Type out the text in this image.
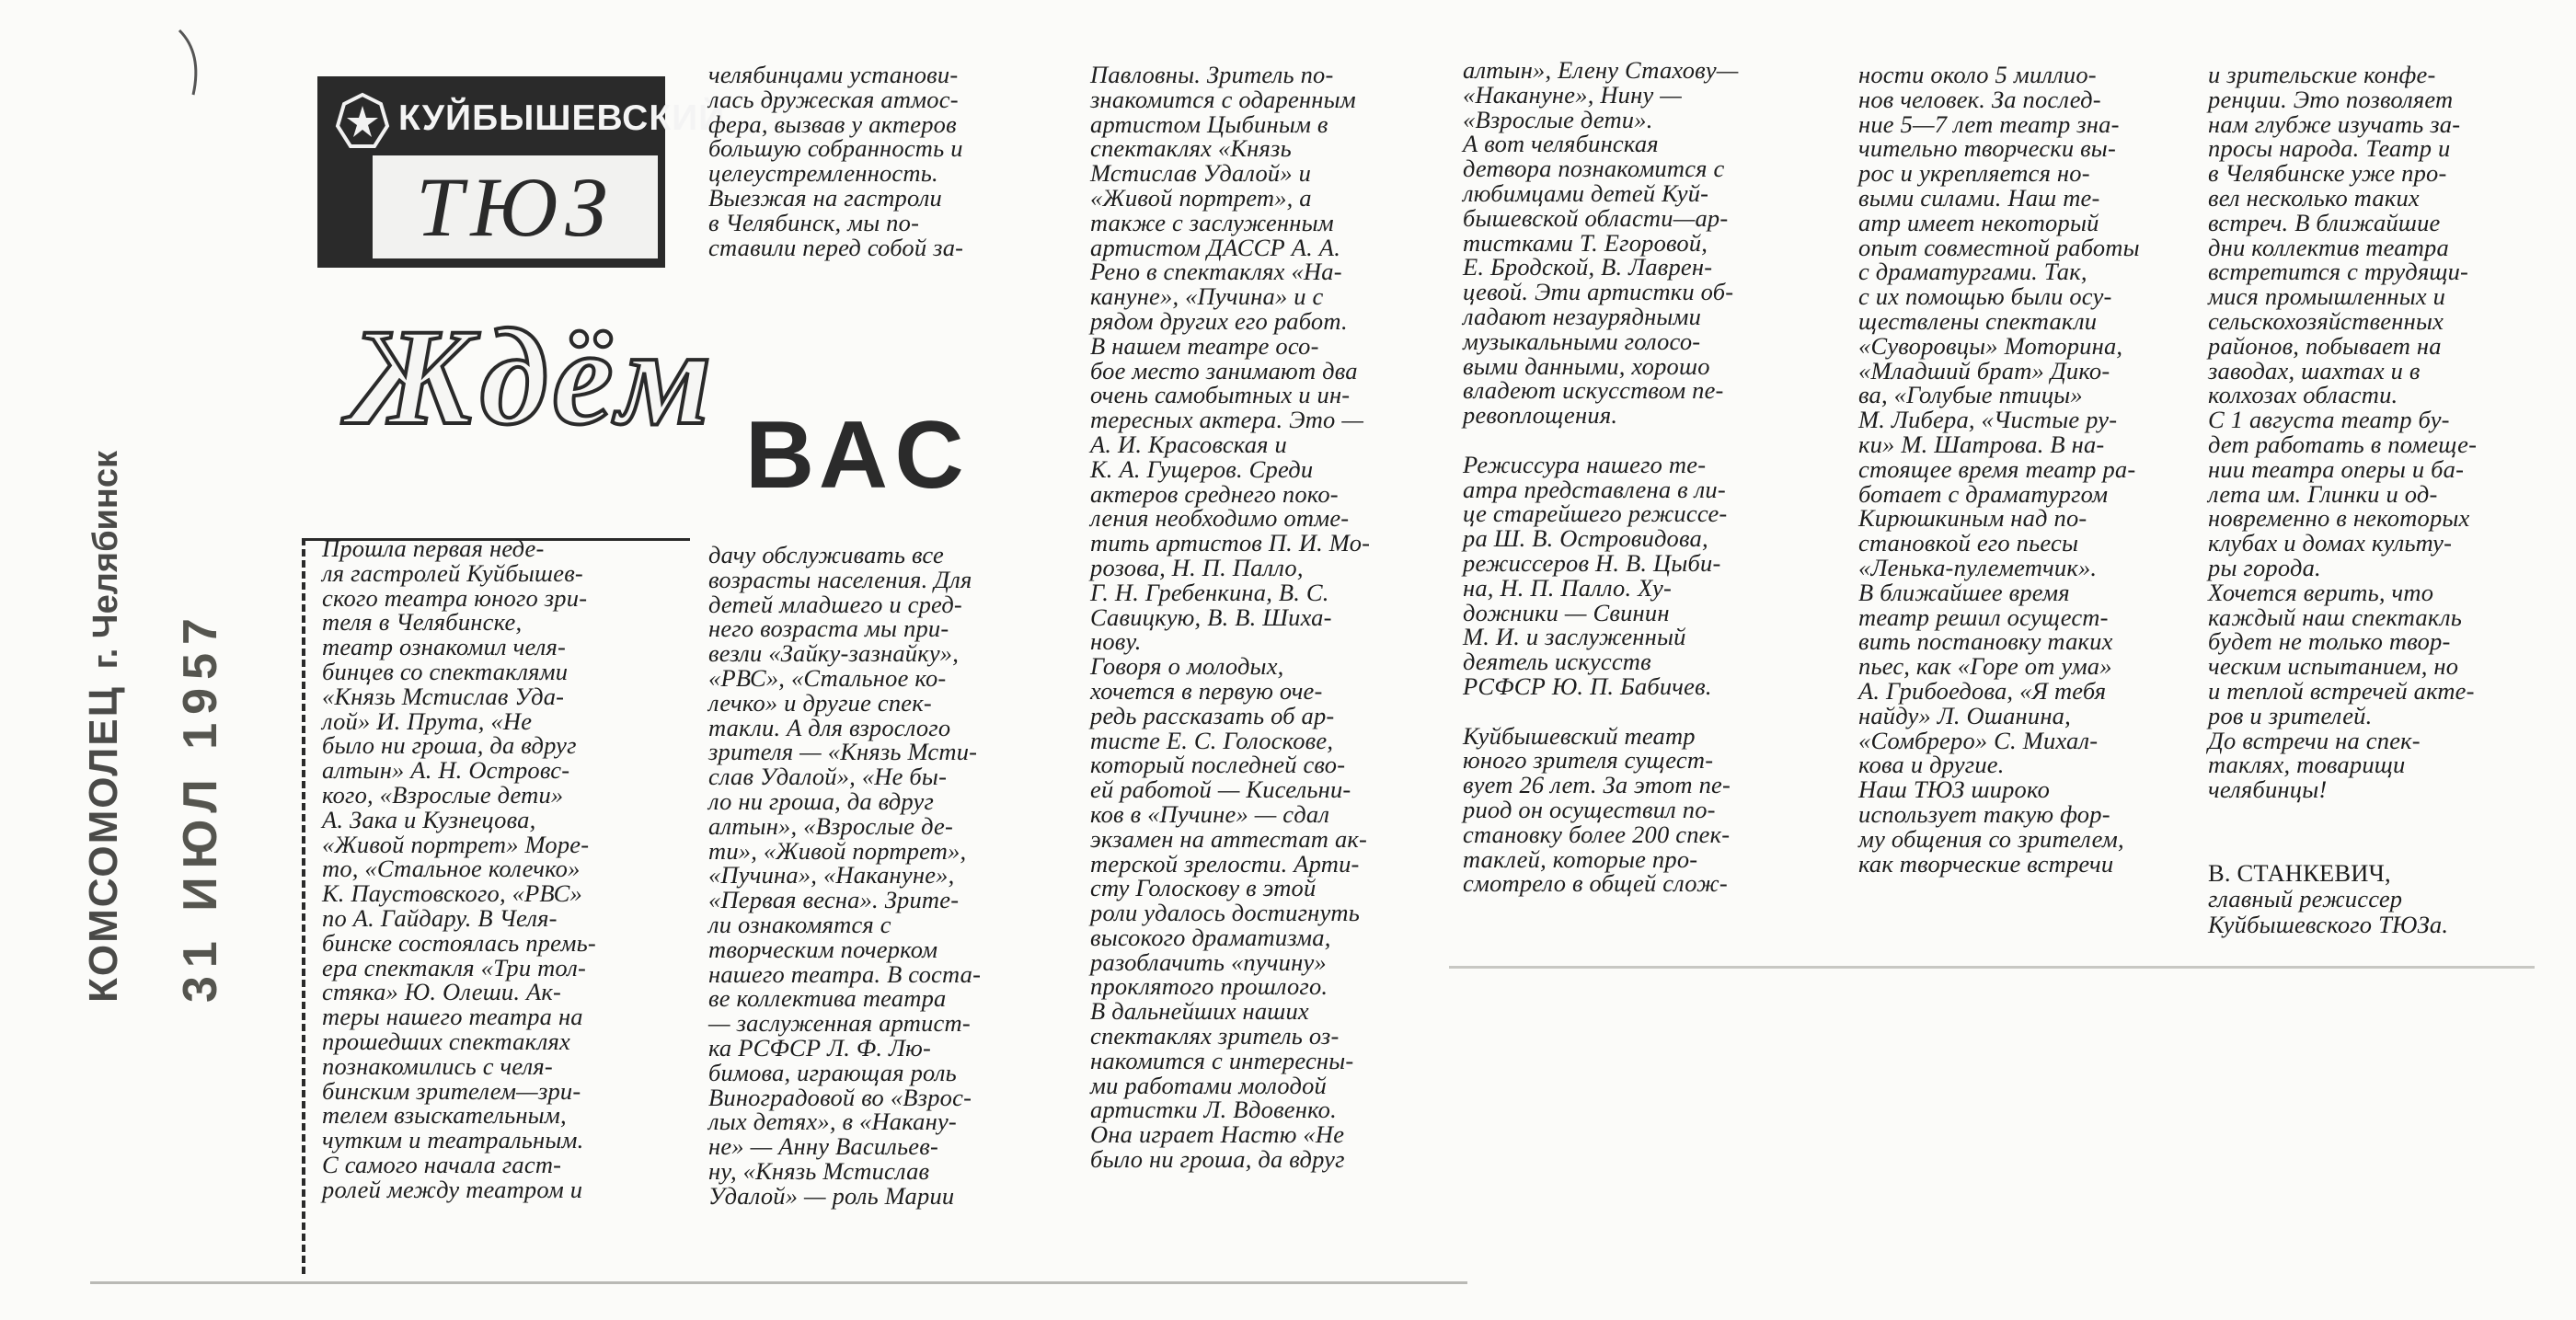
КОМСОМОЛЕЦг. Челябинск
31 ИЮЛ 1957
КУЙБЫШЕВСКИЙ
ТЮЗ
Ждём
ВАС
Прошла первая неде-
ля гастролей Куйбышев-
ского театра юного зри-
теля в Челябинске,
театр ознакомил челя-
бинцев со спектаклями
«Князь Мстислав Уда-
лой» И. Прута, «Не
было ни гроша, да вдруг
алтын» А. Н. Островс-
кого, «Взрослые дети»
А. Зака и Кузнецова,
«Живой портрет» Море-
то, «Стальное колечко»
К. Паустовского, «РВС»
по А. Гайдару. В Челя-
бинске состоялась премь-
ера спектакля «Три тол-
стяка» Ю. Олеши. Ак-
теры нашего театра на
прошедших спектаклях
познакомились с челя-
бинским зрителем—зри-
телем взыскательным,
чутким и театральным.
С самого начала гаст-
ролей между театром и
челябинцами установи-
лась дружеская атмос-
фера, вызвав у актеров
большую собранность и
целеустремленность.
Выезжая на гастроли
в Челябинск, мы по-
ставили перед собой за-
дачу обслуживать все
возрасты населения. Для
детей младшего и сред-
него возраста мы при-
везли «Зайку-зазнайку»,
«РВС», «Стальное ко-
лечко» и другие спек-
такли. А для взрослого
зрителя — «Князь Мсти-
слав Удалой», «Не бы-
ло ни гроша, да вдруг
алтын», «Взрослые де-
ти», «Живой портрет»,
«Пучина», «Накануне»,
«Первая весна». Зрите-
ли ознакомятся с
творческим почерком
нашего театра. В соста-
ве коллектива театра
— заслуженная артист-
ка РСФСР Л. Ф. Лю-
бимова, играющая роль
Виноградовой во «Взрос-
лых детях», в «Накану-
не» — Анну Васильев-
ну, «Князь Мстислав
Удалой» — роль Марии
Павловны. Зритель по-
знакомится с одаренным
артистом Цыбиным в
спектаклях «Князь
Мстислав Удалой» и
«Живой портрет», а
также с заслуженным
артистом ДАССР А. А.
Рено в спектаклях «На-
кануне», «Пучина» и с
рядом других его работ.
В нашем театре осо-
бое место занимают два
очень самобытных и ин-
тересных актера. Это —
А. И. Красовская и
К. А. Гущеров. Среди
актеров среднего поко-
ления необходимо отме-
тить артистов П. И. Мо-
розова, Н. П. Палло,
Г. Н. Гребенкина, В. С.
Савицкую, В. В. Шиха-
нову.
Говоря о молодых,
хочется в первую оче-
редь рассказать об ар-
тисте Е. С. Голоскове,
который последней сво-
ей работой — Кисельни-
ков в «Пучине» — сдал
экзамен на аттестат ак-
терской зрелости. Арти-
сту Голоскову в этой
роли удалось достигнуть
высокого драматизма,
разоблачить «пучину»
проклятого прошлого.
В дальнейших наших
спектаклях зритель оз-
накомится с интересны-
ми работами молодой
артистки Л. Вдовенко.
Она играет Настю «Не
было ни гроша, да вдруг
алтын», Елену Стахову—
«Накануне», Нину —
«Взрослые дети».
А вот челябинская
детвора познакомится с
любимцами детей Куй-
бышевской области—ар-
тистками Т. Егоровой,
Е. Бродской, В. Лаврен-
цевой. Эти артистки об-
ладают незаурядными
музыкальными голосо-
выми данными, хорошо
владеют искусством пе-
ревоплощения.

Режиссура нашего те-
атра представлена в ли-
це старейшего режиссе-
ра Ш. В. Островидова,
режиссеров Н. В. Цыби-
на, Н. П. Палло. Ху-
дожники — Свинин
М. И. и заслуженный
деятель искусств
РСФСР Ю. П. Бабичев.

Куйбышевский театр
юного зрителя сущест-
вует 26 лет. За этот пе-
риод он осуществил по-
становку более 200 спек-
таклей, которые про-
смотрело в общей слож-
ности около 5 миллио-
нов человек. За послед-
ние 5—7 лет театр зна-
чительно творчески вы-
рос и укрепляется но-
выми силами. Наш те-
атр имеет некоторый
опыт совместной работы
с драматургами. Так,
с их помощью были осу-
ществлены спектакли
«Суворовцы» Моторина,
«Младший брат» Дико-
ва, «Голубые птицы»
М. Либера, «Чистые ру-
ки» М. Шатрова. В на-
стоящее время театр ра-
ботает с драматургом
Кирюшкиным над по-
становкой его пьесы
«Ленька-пулеметчик».
В ближайшее время
театр решил осущест-
вить постановку таких
пьес, как «Горе от ума»
А. Грибоедова, «Я тебя
найду» Л. Ошанина,
«Сомбреро» С. Михал-
кова и другие.
Наш ТЮЗ широко
использует такую фор-
му общения со зрителем,
как творческие встречи
и зрительские конфе-
ренции. Это позволяет
нам глубже изучать за-
просы народа. Театр и
в Челябинске уже про-
вел несколько таких
встреч. В ближайшие
дни коллектив театра
встретится с трудящи-
мися промышленных и
сельскохозяйственных
районов, побывает на
заводах, шахтах и в
колхозах области.
С 1 августа театр бу-
дет работать в помеще-
нии театра оперы и ба-
лета им. Глинки и од-
новременно в некоторых
клубах и домах культу-
ры города.
Хочется верить, что
каждый наш спектакль
будет не только твор-
ческим испытанием, но
и теплой встречей акте-
ров и зрителей.
До встречи на спек-
таклях, товарищи
челябинцы!
В. СТАНКЕВИЧ,
главный режиссер
Куйбышевского ТЮЗа.
